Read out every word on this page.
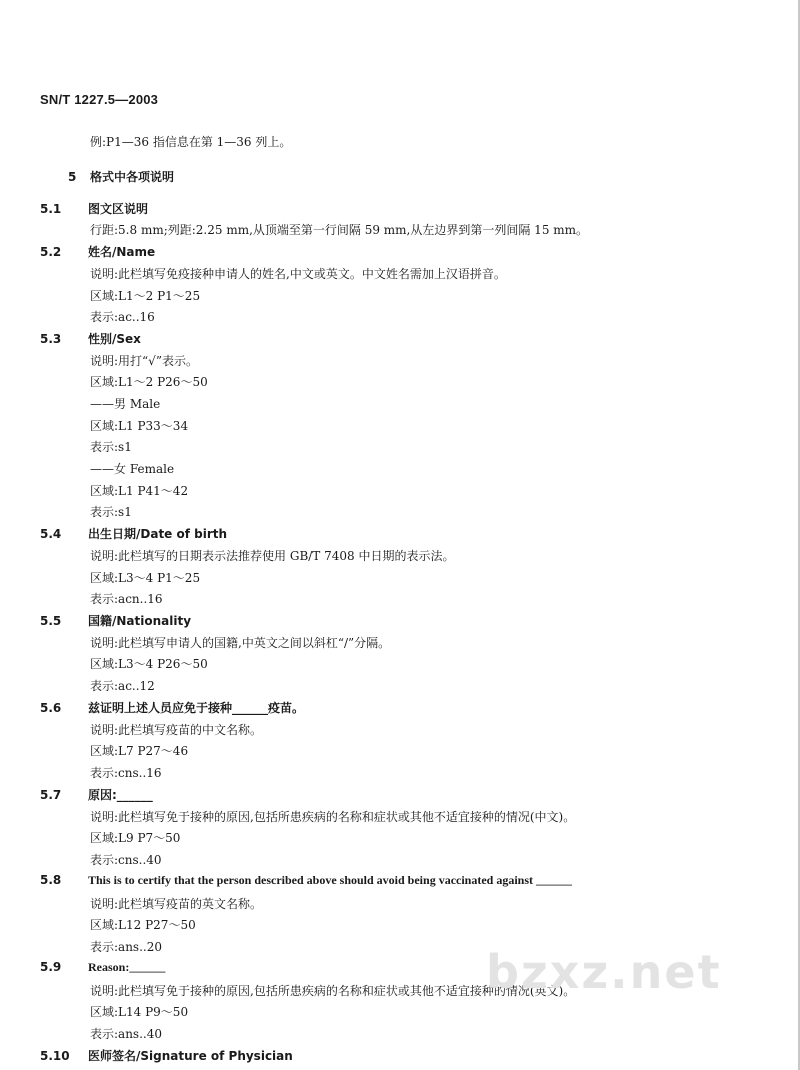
SN/T 1227.5—2003
例:P1—36 指信息在第 1—36 列上。
5 格式中各项说明
5.1 图文区说明
行距:5.8 mm;列距:2.25 mm,从顶端至第一行间隔 59 mm,从左边界到第一列间隔 15 mm。
5.2 姓名/Name
说明:此栏填写免疫接种申请人的姓名,中文或英文。中文姓名需加上汉语拼音。
区域:L1～2 P1～25
表示:ac..16
5.3 性别/Sex
说明:用打“√”表示。
区域:L1～2 P26～50
——男 Male
区域:L1 P33～34
表示:s1
——女 Female
区域:L1 P41～42
表示:s1
5.4 出生日期/Date of birth
说明:此栏填写的日期表示法推荐使用 GB/T 7408 中日期的表示法。
区域:L3～4 P1～25
表示:acn..16
5.5 国籍/Nationality
说明:此栏填写申请人的国籍,中英文之间以斜杠“/”分隔。
区域:L3～4 P26～50
表示:ac..12
5.6 兹证明上述人员应免于接种______疫苗。
说明:此栏填写疫苗的中文名称。
区域:L7 P27～46
表示:cns..16
5.7 原因:______
说明:此栏填写免于接种的原因,包括所患疾病的名称和症状或其他不适宜接种的情况(中文)。
区域:L9 P7～50
表示:cns..40
5.8 This is to certify that the person described above should avoid being vaccinated against ______
说明:此栏填写疫苗的英文名称。
区域:L12 P27～50
表示:ans..20
5.9 Reason:______
说明:此栏填写免于接种的原因,包括所患疾病的名称和症状或其他不适宜接种的情况(英文)。
区域:L14 P9～50
表示:ans..40
5.10 医师签名/Signature of Physician
bzxz.net
